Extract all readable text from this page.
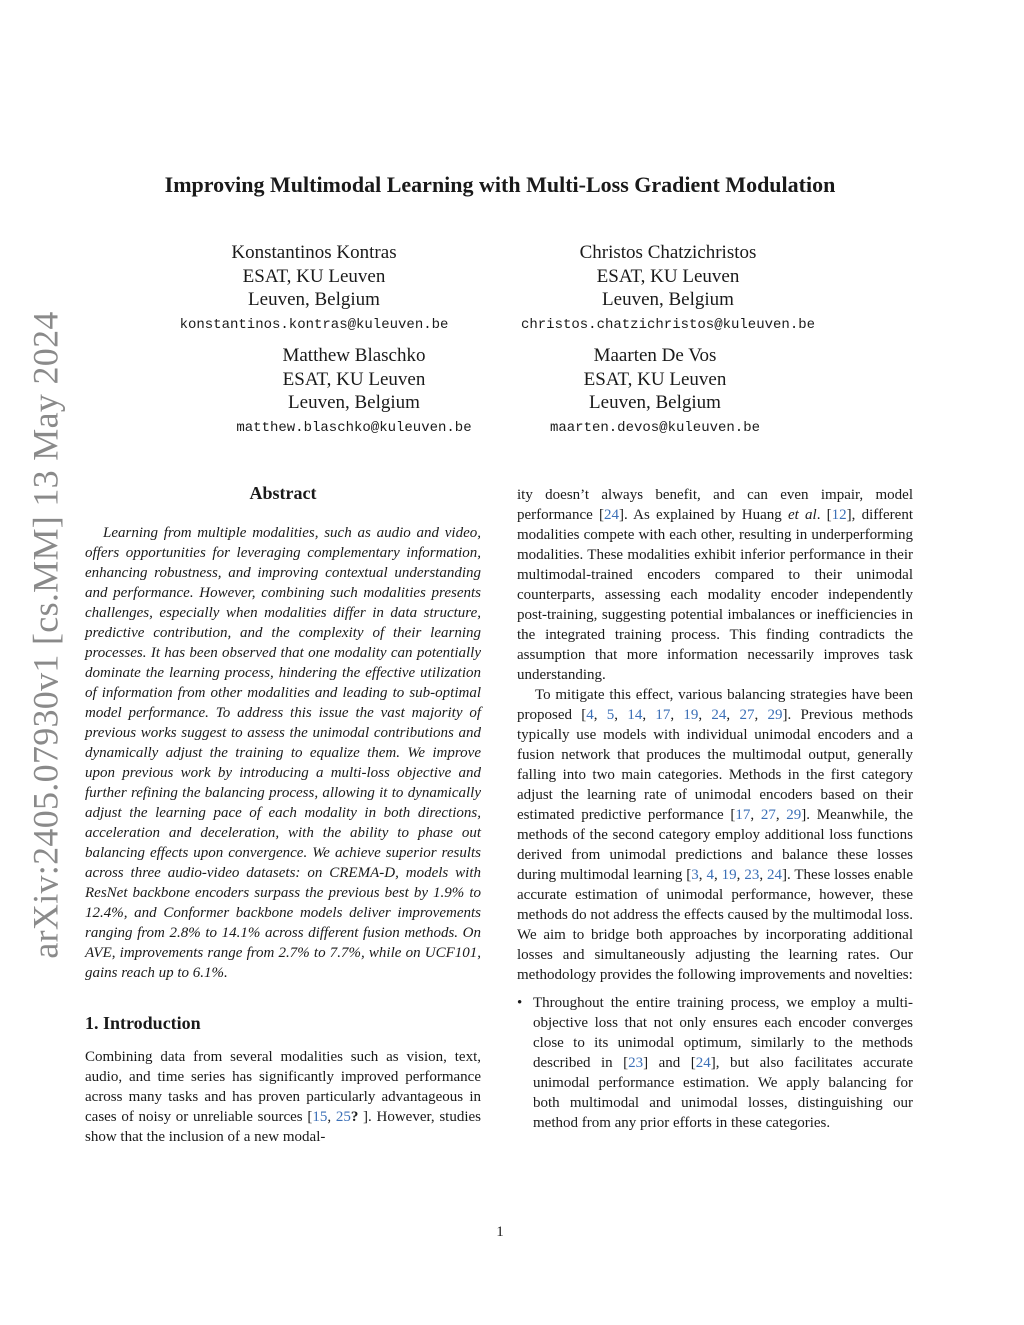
arXiv:2405.07930v1 [cs.MM] 13 May 2024
Improving Multimodal Learning with Multi-Loss Gradient Modulation
Konstantinos Kontras
ESAT, KU Leuven
Leuven, Belgium
konstantinos.kontras@kuleuven.be
Christos Chatzichristos
ESAT, KU Leuven
Leuven, Belgium
christos.chatzichristos@kuleuven.be
Matthew Blaschko
ESAT, KU Leuven
Leuven, Belgium
matthew.blaschko@kuleuven.be
Maarten De Vos
ESAT, KU Leuven
Leuven, Belgium
maarten.devos@kuleuven.be
Abstract

Learning from multiple modalities, such as audio and video, offers opportunities for leveraging complementary information, enhancing robustness, and improving contextual understanding and performance. However, combining such modalities presents challenges, especially when modalities differ in data structure, predictive contribution, and the complexity of their learning processes. It has been observed that one modality can potentially dominate the learning process, hindering the effective utilization of information from other modalities and leading to sub-optimal model performance. To address this issue the vast majority of previous works suggest to assess the unimodal contributions and dynamically adjust the training to equalize them. We improve upon previous work by introducing a multi-loss objective and further refining the balancing process, allowing it to dynamically adjust the learning pace of each modality in both directions, acceleration and deceleration, with the ability to phase out balancing effects upon convergence. We achieve superior results across three audio-video datasets: on CREMA-D, models with ResNet backbone encoders surpass the previous best by 1.9% to 12.4%, and Conformer backbone models deliver improvements ranging from 2.8% to 14.1% across different fusion methods. On AVE, improvements range from 2.7% to 7.7%, while on UCF101, gains reach up to 6.1%.

1. Introduction

Combining data from several modalities such as vision, text, audio, and time series has significantly improved performance across many tasks and has proven particularly advantageous in cases of noisy or unreliable sources [15, 25? ]. However, studies show that the inclusion of a new modal-

ity doesn’t always benefit, and can even impair, model performance [24]. As explained by Huang et al. [12], different modalities compete with each other, resulting in underperforming modalities. These modalities exhibit inferior performance in their multimodal-trained encoders compared to their unimodal counterparts, assessing each modality encoder independently post-training, suggesting potential imbalances or inefficiencies in the integrated training process. This finding contradicts the assumption that more information necessarily improves task understanding.

To mitigate this effect, various balancing strategies have been proposed [4, 5, 14, 17, 19, 24, 27, 29]. Previous methods typically use models with individual unimodal encoders and a fusion network that produces the multimodal output, generally falling into two main categories. Methods in the first category adjust the learning rate of unimodal encoders based on their estimated predictive performance [17, 27, 29]. Meanwhile, the methods of the second category employ additional loss functions derived from unimodal predictions and balance these losses during multimodal learning [3, 4, 19, 23, 24]. These losses enable accurate estimation of unimodal performance, however, these methods do not address the effects caused by the multimodal loss. We aim to bridge both approaches by incorporating additional losses and simultaneously adjusting the learning rates. Our methodology provides the following improvements and novelties:

• Throughout the entire training process, we employ a multi-objective loss that not only ensures each encoder converges close to its unimodal optimum, similarly to the methods described in [23] and [24], but also facilitates accurate unimodal performance estimation. We apply balancing for both multimodal and unimodal losses, distinguishing our method from any prior efforts in these categories.

1
